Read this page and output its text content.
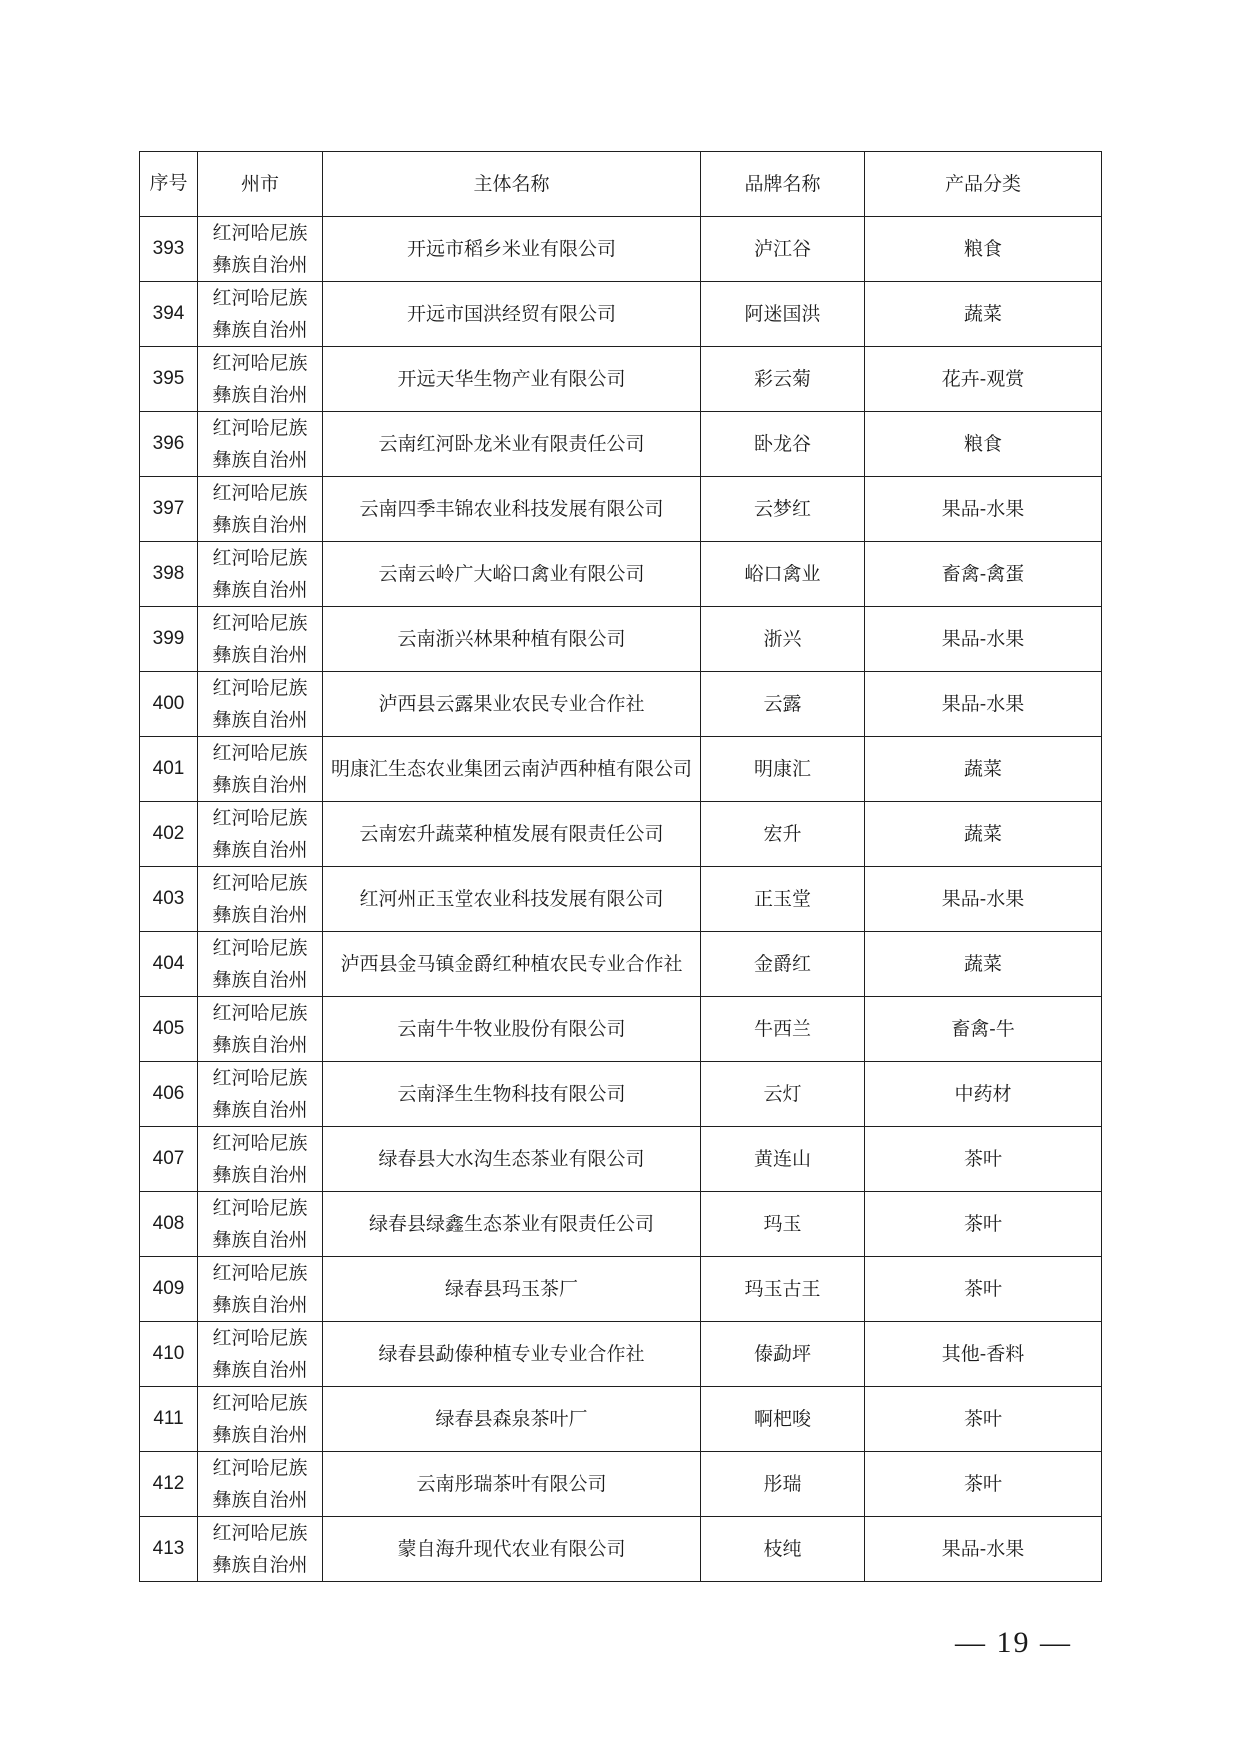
序号	州市	主体名称	品牌名称	产品分类
393	红河哈尼族彝族自治州	开远市稻乡米业有限公司	泸江谷	粮食
394	红河哈尼族彝族自治州	开远市国洪经贸有限公司	阿迷国洪	蔬菜
395	红河哈尼族彝族自治州	开远天华生物产业有限公司	彩云菊	花卉-观赏
396	红河哈尼族彝族自治州	云南红河卧龙米业有限责任公司	卧龙谷	粮食
397	红河哈尼族彝族自治州	云南四季丰锦农业科技发展有限公司	云梦红	果品-水果
398	红河哈尼族彝族自治州	云南云岭广大峪口禽业有限公司	峪口禽业	畜禽-禽蛋
399	红河哈尼族彝族自治州	云南浙兴林果种植有限公司	浙兴	果品-水果
400	红河哈尼族彝族自治州	泸西县云露果业农民专业合作社	云露	果品-水果
401	红河哈尼族彝族自治州	明康汇生态农业集团云南泸西种植有限公司	明康汇	蔬菜
402	红河哈尼族彝族自治州	云南宏升蔬菜种植发展有限责任公司	宏升	蔬菜
403	红河哈尼族彝族自治州	红河州正玉堂农业科技发展有限公司	正玉堂	果品-水果
404	红河哈尼族彝族自治州	泸西县金马镇金爵红种植农民专业合作社	金爵红	蔬菜
405	红河哈尼族彝族自治州	云南牛牛牧业股份有限公司	牛西兰	畜禽-牛
406	红河哈尼族彝族自治州	云南泽生生物科技有限公司	云灯	中药材
407	红河哈尼族彝族自治州	绿春县大水沟生态茶业有限公司	黄连山	茶叶
408	红河哈尼族彝族自治州	绿春县绿鑫生态茶业有限责任公司	玛玉	茶叶
409	红河哈尼族彝族自治州	绿春县玛玉茶厂	玛玉古王	茶叶
410	红河哈尼族彝族自治州	绿春县勐傣种植专业专业合作社	傣勐坪	其他-香料
411	红河哈尼族彝族自治州	绿春县森泉茶叶厂	啊杷唆	茶叶
412	红河哈尼族彝族自治州	云南彤瑞茶叶有限公司	彤瑞	茶叶
413	红河哈尼族彝族自治州	蒙自海升现代农业有限公司	枝纯	果品-水果
— 19 —
